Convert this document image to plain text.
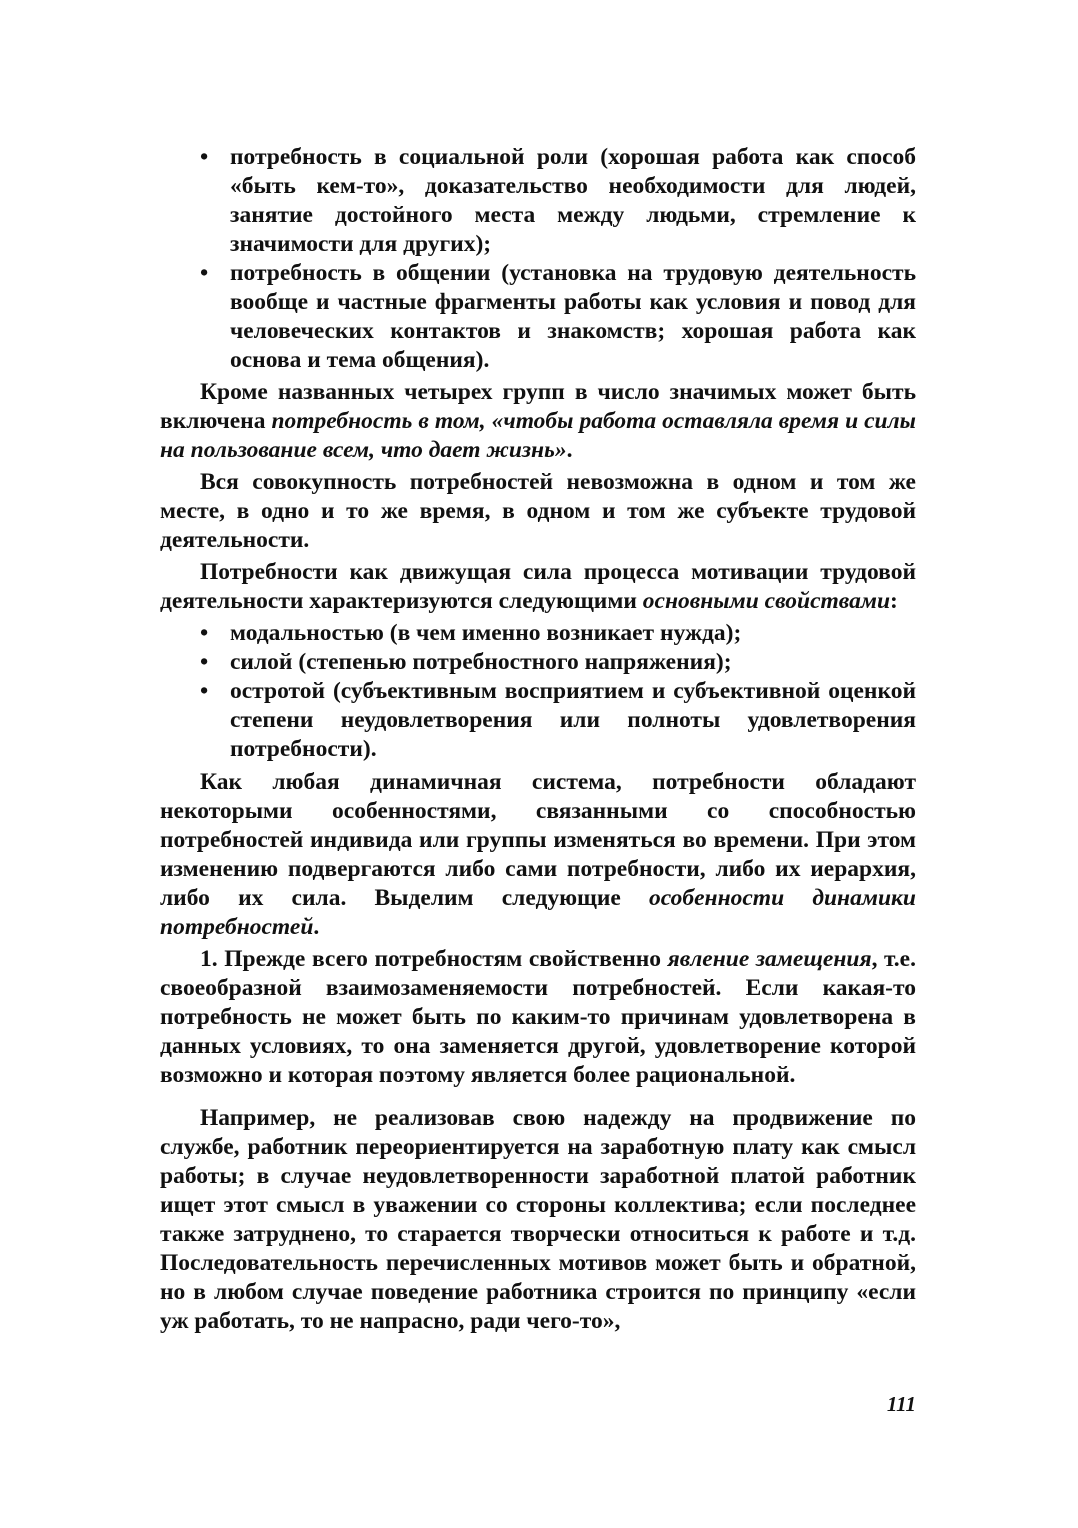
• потребность в социальной роли (хорошая работа как способ «быть кем-то», доказательство необходимости для людей, занятие достойного места между людьми, стремление к значимости для других);
• потребность в общении (установка на трудовую деятельность вообще и частные фрагменты работы как условия и повод для человеческих контактов и знакомств; хорошая работа как основа и тема общения).

Кроме названных четырех групп в число значимых может быть включена потребность в том, «чтобы работа оставляла время и силы на пользование всем, что дает жизнь».

Вся совокупность потребностей невозможна в одном и том же месте, в одно и то же время, в одном и том же субъекте трудовой деятельности.

Потребности как движущая сила процесса мотивации трудовой деятельности характеризуются следующими основными свойствами:

• модальностью (в чем именно возникает нужда);
• силой (степенью потребностного напряжения);
• остротой (субъективным восприятием и субъективной оценкой степени неудовлетворения или полноты удовлетворения потребности).

Как любая динамичная система, потребности обладают некоторыми особенностями, связанными со способностью потребностей индивида или группы изменяться во времени. При этом изменению подвергаются либо сами потребности, либо их иерархия, либо их сила. Выделим следующие особенности динамики потребностей.

1. Прежде всего потребностям свойственно явление замещения, т.е. своеобразной взаимозаменяемости потребностей. Если какая-то потребность не может быть по каким-то причинам удовлетворена в данных условиях, то она заменяется другой, удовлетворение которой возможно и которая поэтому является более рациональной.

Например, не реализовав свою надежду на продвижение по службе, работник переориентируется на заработную плату как смысл работы; в случае неудовлетворенности заработной платой работник ищет этот смысл в уважении со стороны коллектива; если последнее также затруднено, то старается творчески относиться к работе и т.д. Последовательность перечисленных мотивов может быть и обратной, но в любом случае поведение работника строится по принципу «если уж работать, то не напрасно, ради чего-то»,

111
